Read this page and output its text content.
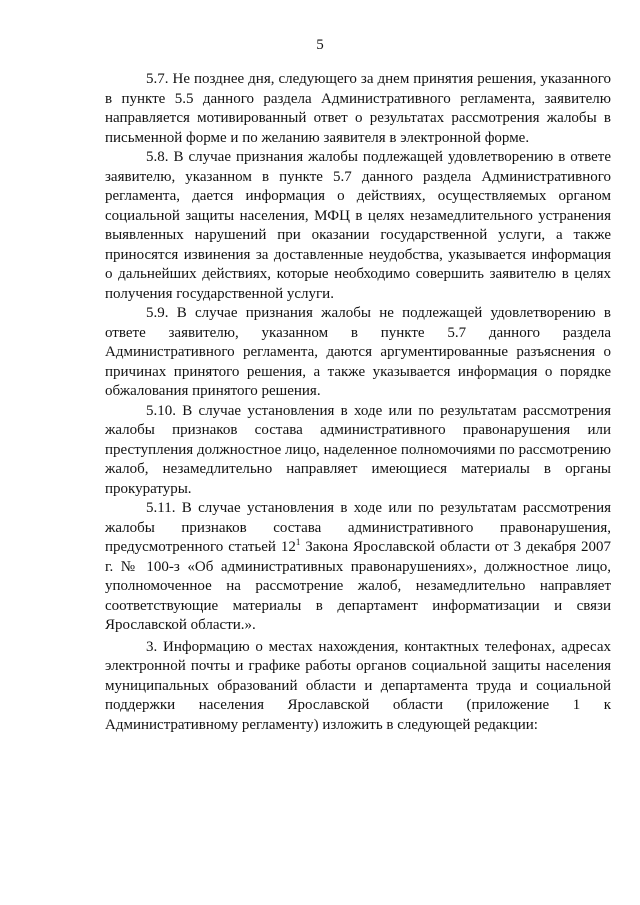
5

5.7. Не позднее дня, следующего за днем принятия решения, указанного в пункте 5.5 данного раздела Административного регламента, заявителю направляется мотивированный ответ о результатах рассмотрения жалобы в письменной форме и по желанию заявителя в электронной форме.

5.8. В случае признания жалобы подлежащей удовлетворению в ответе заявителю, указанном в пункте 5.7 данного раздела Административного регламента, дается информация о действиях, осуществляемых органом социальной защиты населения, МФЦ в целях незамедлительного устранения выявленных нарушений при оказании государственной услуги, а также приносятся извинения за доставленные неудобства, указывается информация о дальнейших действиях, которые необходимо совершить заявителю в целях получения государственной услуги.

5.9. В случае признания жалобы не подлежащей удовлетворению в ответе заявителю, указанном в пункте 5.7 данного раздела Административного регламента, даются аргументированные разъяснения о причинах принятого решения, а также указывается информация о порядке обжалования принятого решения.

5.10. В случае установления в ходе или по результатам рассмотрения жалобы признаков состава административного правонарушения или преступления должностное лицо, наделенное полномочиями по рассмотрению жалоб, незамедлительно направляет имеющиеся материалы в органы прокуратуры.

5.11. В случае установления в ходе или по результатам рассмотрения жалобы признаков состава административного правонарушения, предусмотренного статьей $12^1$ Закона Ярославской области от 3 декабря 2007 г. № 100-з «Об административных правонарушениях», должностное лицо, уполномоченное на рассмотрение жалоб, незамедлительно направляет соответствующие материалы в департамент информатизации и связи Ярославской области.».

3. Информацию о местах нахождения, контактных телефонах, адресах электронной почты и графике работы органов социальной защиты населения муниципальных образований области и департамента труда и социальной поддержки населения Ярославской области (приложение 1 к Административному регламенту) изложить в следующей редакции:
